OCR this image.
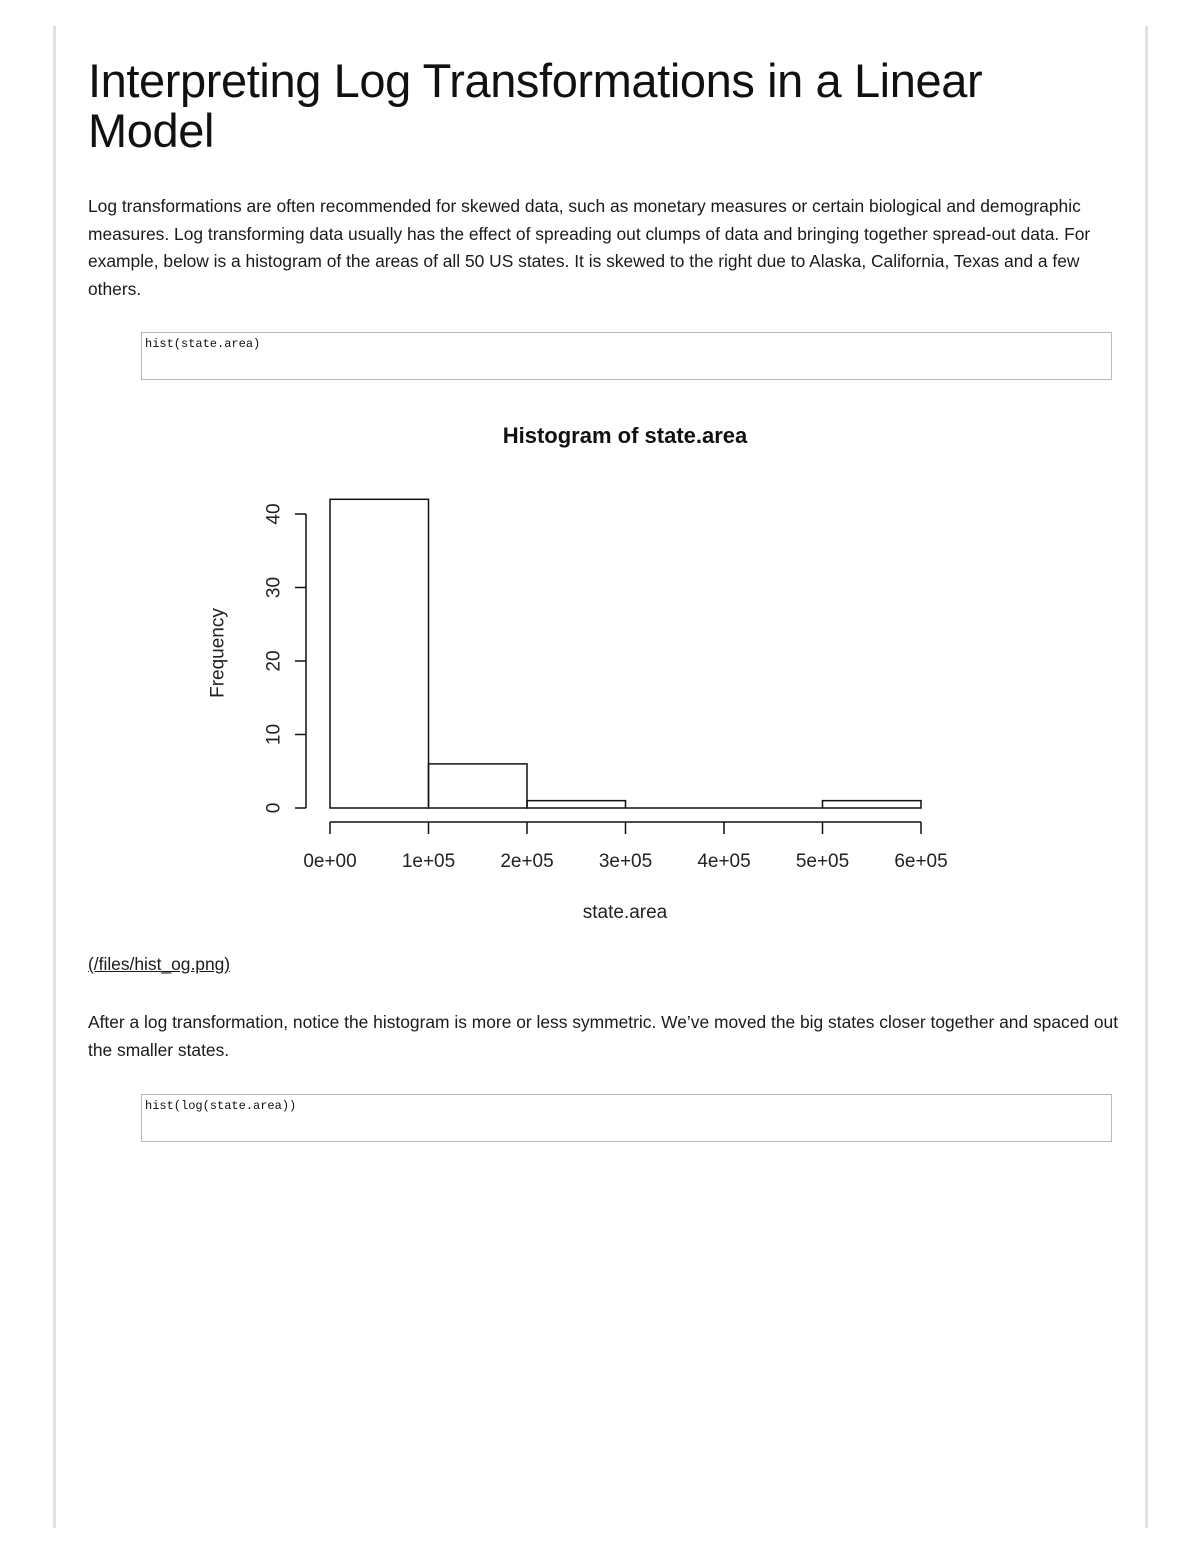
Interpreting Log Transformations in a Linear Model

Log transformations are often recommended for skewed data, such as monetary measures or certain biological and demographic measures. Log transforming data usually has the effect of spreading out clumps of data and bringing together spread-out data. For example, below is a histogram of the areas of all 50 US states. It is skewed to the right due to Alaska, California, Texas and a few others.

hist(state.area)
Histogram of state.area
0e+00 1e+05 2e+05 3e+05 4e+05 5e+05 6e+05
0
10
20
30
40
state.area
Frequency
(/files/hist_og.png)

After a log transformation, notice the histogram is more or less symmetric. We’ve moved the big states closer together and spaced out the smaller states.

hist(log(state.area))
